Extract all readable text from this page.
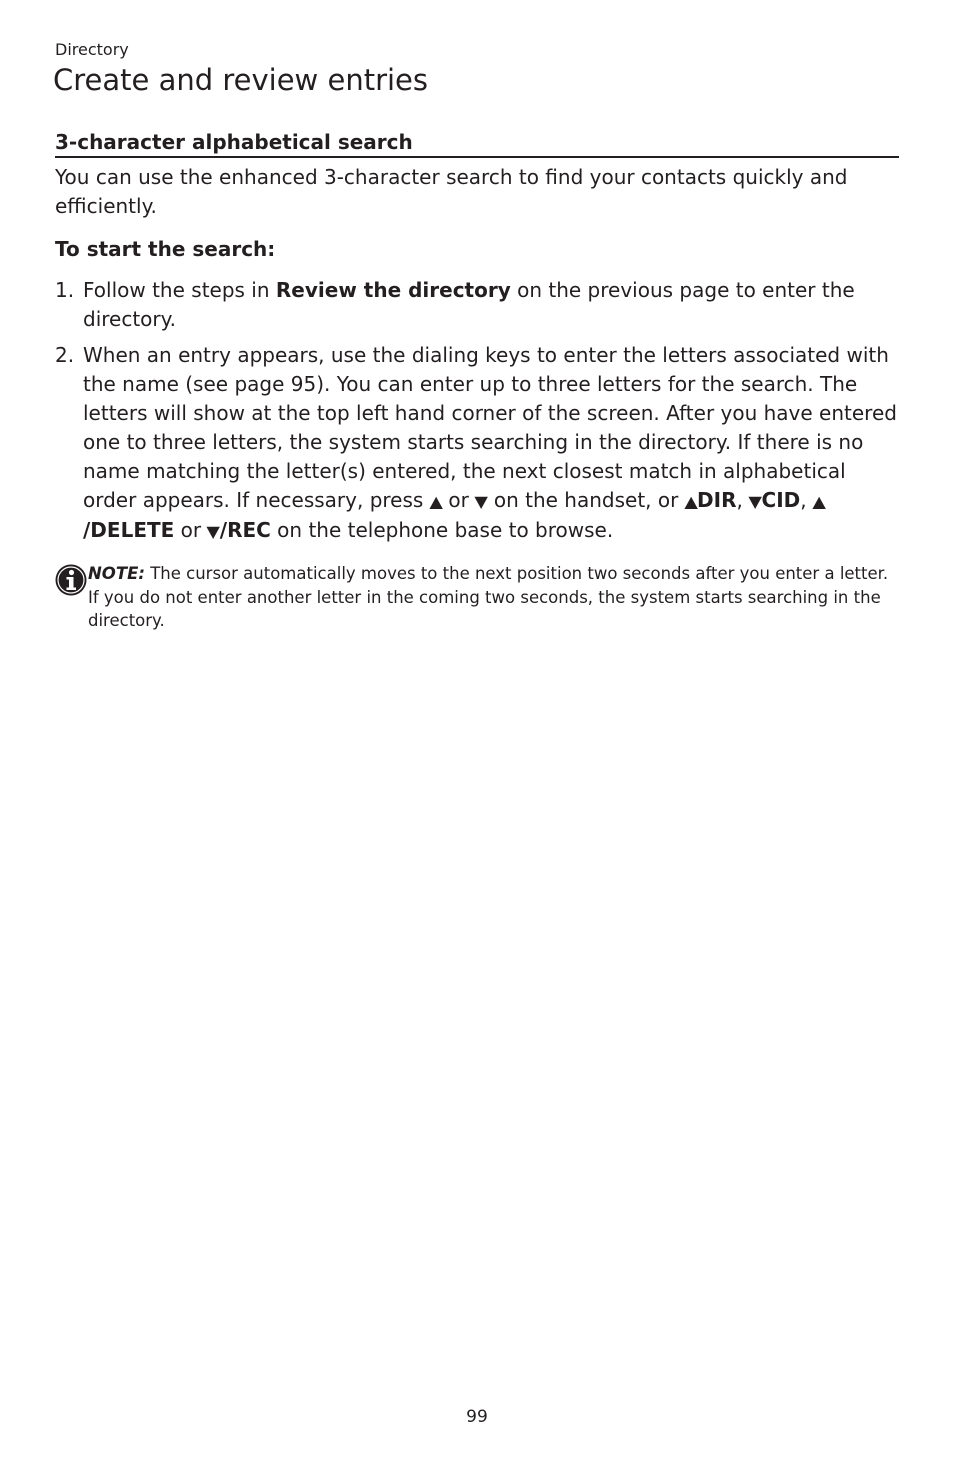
Directory

Create and review entries
3-character alphabetical search

You can use the enhanced 3-character search to find your contacts quickly and efficiently.

To start the search:

1. Follow the steps in Review the directory on the previous page to enter the directory.
2. When an entry appears, use the dialing keys to enter the letters associated with the name (see page 95). You can enter up to three letters for the search. The letters will show at the top left hand corner of the screen. After you have entered one to three letters, the system starts searching in the directory. If there is no name matching the letter(s) entered, the next closest match in alphabetical order appears. If necessary, press ▲ or ▼ on the handset, or ▲DIR, ▼CID, ▲/DELETE or ▼/REC on the telephone base to browse.
NOTE: The cursor automatically moves to the next position two seconds after you enter a letter. If you do not enter another letter in the coming two seconds, the system starts searching in the directory.
99
